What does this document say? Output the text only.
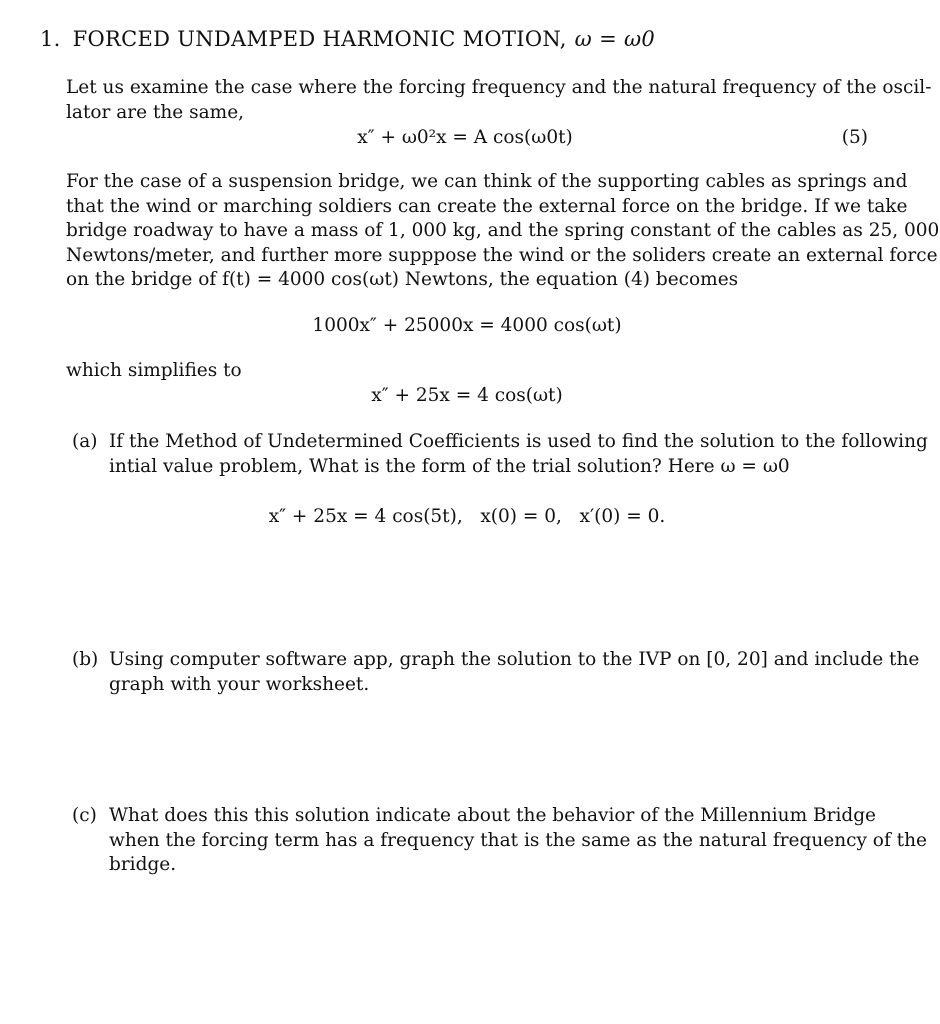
1. FORCED UNDAMPED HARMONIC MOTION, ω = ω0
Let us examine the case where the forcing frequency and the natural frequency of the oscil-
lator are the same,
x″ + ω0²x = A cos(ω0t)	(5)
For the case of a suspension bridge, we can think of the supporting cables as springs and
that the wind or marching soldiers can create the external force on the bridge. If we take
bridge roadway to have a mass of 1, 000 kg, and the spring constant of the cables as 25, 000
Newtons/meter, and further more supppose the wind or the soliders create an external force
on the bridge of f(t) = 4000 cos(ωt) Newtons, the equation (4) becomes
1000x″ + 25000x = 4000 cos(ωt)
which simplifies to
x″ + 25x = 4 cos(ωt)
(a) If the Method of Undetermined Coefficients is used to find the solution to the following
intial value problem, What is the form of the trial solution? Here ω = ω0
x″ + 25x = 4 cos(5t),   x(0) = 0,   x′(0) = 0.
(b) Using computer software app, graph the solution to the IVP on [0, 20] and include the
graph with your worksheet.
(c) What does this this solution indicate about the behavior of the Millennium Bridge
when the forcing term has a frequency that is the same as the natural frequency of the
bridge.
